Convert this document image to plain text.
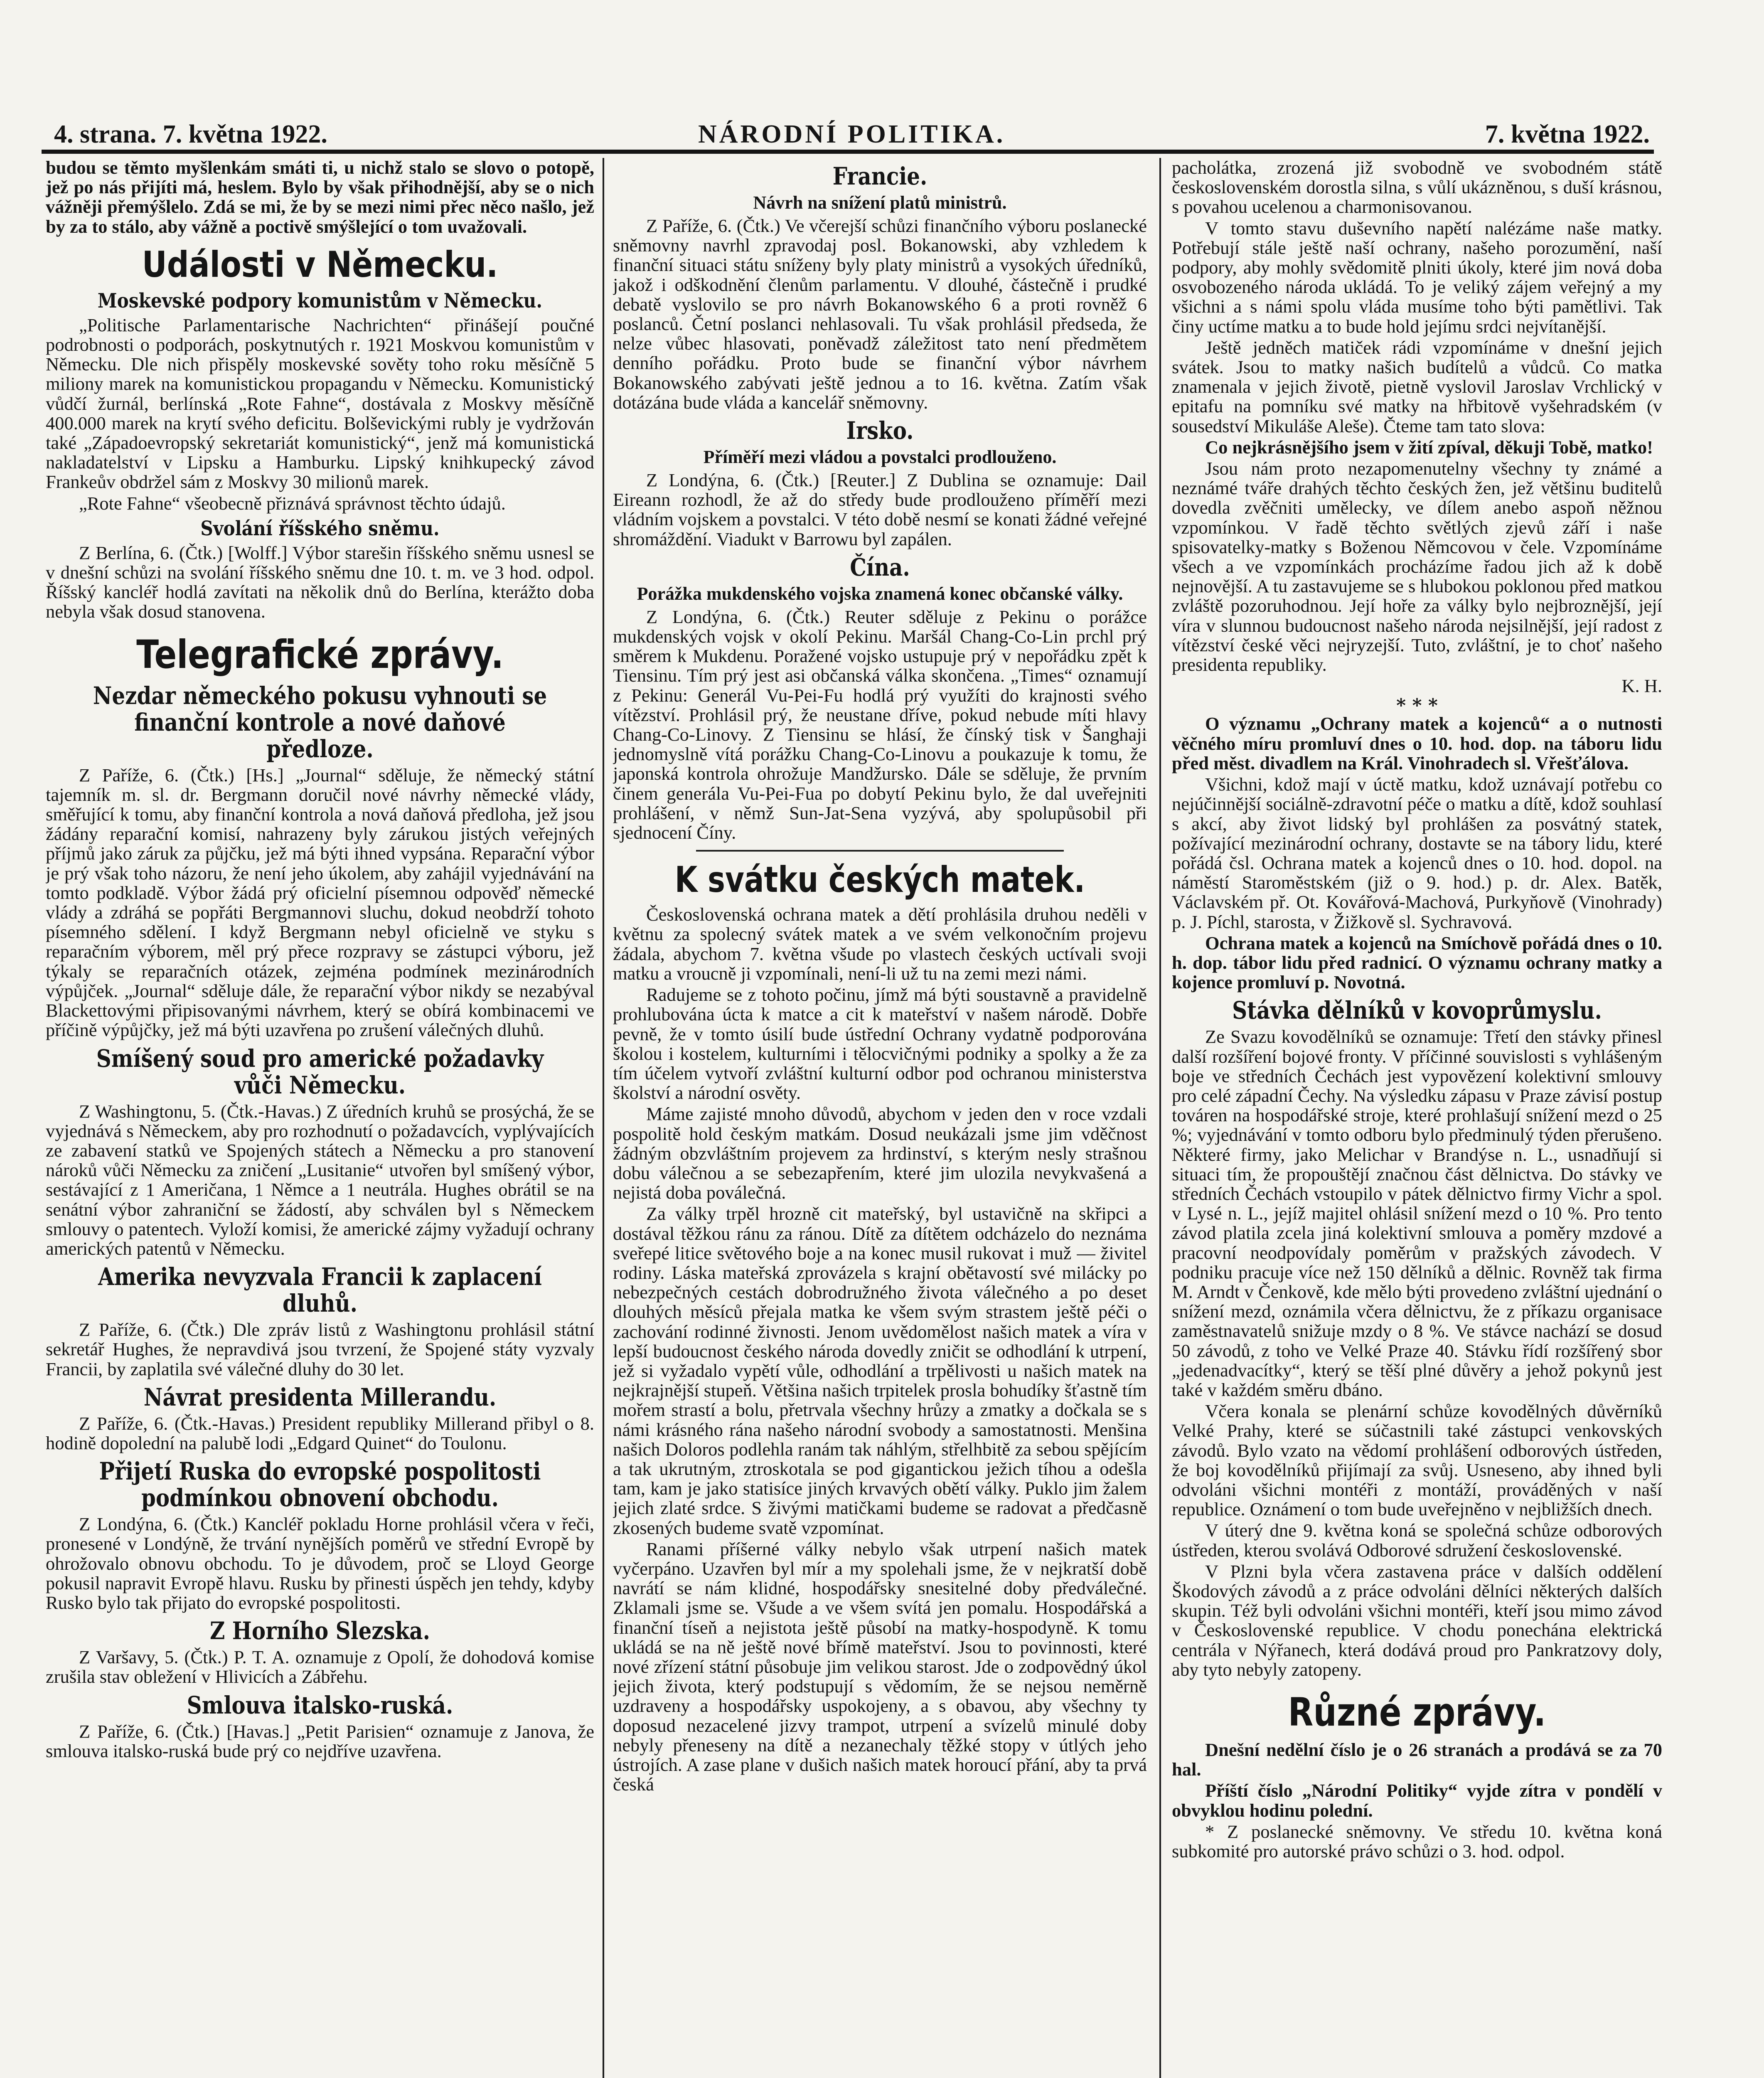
4. strana. 7. května 1922.	NÁRODNÍ POLITIKA.	7. května 1922.

budou se těmto myšlenkám smáti ti, u nichž stalo se slovo o potopě, jež po nás přijíti má, heslem. Bylo by však přihodnější, aby se o nich vážněji přemýšlelo. Zdá se mi, že by se mezi nimi přec něco našlo, jež by za to stálo, aby vážně a poctivě smýšlející o tom uvažovali.

Události v Německu.
Moskevské podpory komunistům v Německu.

„Politische Parlamentarische Nachrichten“ přinášejí poučné podrobnosti o podporách, poskytnutých r. 1921 Moskvou komunistům v Německu. Dle nich přispěly moskevské sověty toho roku měsíčně 5 miliony marek na komunistickou propagandu v Německu. Komunistický vůdčí žurnál, berlínská „Rote Fahne“, dostávala z Moskvy měsíčně 400.000 marek na krytí svého deficitu. Bolševickými rubly je vydržován také „Západoevropský sekretariát komunistický“, jenž má komunistická nakladatelství v Lipsku a Hamburku. Lipský knihkupecký závod Frankeův obdržel sám z Moskvy 30 milionů marek.

„Rote Fahne“ všeobecně přiznává správnost těchto údajů.

Svolání říšského sněmu.

Z Berlína, 6. (Čtk.) [Wolff.] Výbor starešin říšského sněmu usnesl se v dnešní schůzi na svolání říšského sněmu dne 10. t. m. ve 3 hod. odpol. Říšský kancléř hodlá zavítati na několik dnů do Berlína, kterážto doba nebyla však dosud stanovena.

Telegrafické zprávy.
Nezdar německého pokusu vyhnouti se finanční kontrole a nové daňové předloze.

Z Paříže, 6. (Čtk.) [Hs.] „Journal“ sděluje, že německý státní tajemník m. sl. dr. Bergmann doručil nové návrhy německé vlády, směřující k tomu, aby finanční kontrola a nová daňová předloha, jež jsou žádány reparační komisí, nahrazeny byly zárukou jistých veřejných příjmů jako záruk za půjčku, jež má býti ihned vypsána. Reparační výbor je prý však toho názoru, že není jeho úkolem, aby zahájil vyjednávání na tomto podkladě. Výbor žádá prý oficielní písemnou odpověď německé vlády a zdráhá se popřáti Bergmannovi sluchu, dokud neobdrží tohoto písemného sdělení. I když Bergmann nebyl oficielně ve styku s reparačním výborem, měl prý přece rozpravy se zástupci výboru, jež týkaly se reparačních otázek, zejména podmínek mezinárodních výpůjček. „Journal“ sděluje dále, že reparační výbor nikdy se nezabýval Blackettovými připisovanými návrhem, který se obírá kombinacemi ve příčině výpůjčky, jež má býti uzavřena po zrušení válečných dluhů.

Smíšený soud pro americké požadavky vůči Německu.

Z Washingtonu, 5. (Čtk.-Havas.) Z úředních kruhů se prosýchá, že se vyjednává s Německem, aby pro rozhodnutí o požadavcích, vyplývajících ze zabavení statků ve Spojených státech a Německu a pro stanovení nároků vůči Německu za zničení „Lusitanie“ utvořen byl smíšený výbor, sestávající z 1 Američana, 1 Němce a 1 neutrála. Hughes obrátil se na senátní výbor zahraniční se žádostí, aby schválen byl s Německem smlouvy o patentech. Vyloží komisi, že americké zájmy vyžadují ochrany amerických patentů v Německu.

Amerika nevyzvala Francii k zaplacení dluhů.

Z Paříže, 6. (Čtk.) Dle zpráv listů z Washingtonu prohlásil státní sekretář Hughes, že nepravdivá jsou tvrzení, že Spojené státy vyzvaly Francii, by zaplatila své válečné dluhy do 30 let.

Návrat presidenta Millerandu.

Z Paříže, 6. (Čtk.-Havas.) President republiky Millerand přibyl o 8. hodině dopolední na palubě lodi „Edgard Quinet“ do Toulonu.

Přijetí Ruska do evropské pospolitosti podmínkou obnovení obchodu.

Z Londýna, 6. (Čtk.) Kancléř pokladu Horne prohlásil včera v řeči, pronesené v Londýně, že trvání nynějších poměrů ve střední Evropě by ohrožovalo obnovu obchodu. To je důvodem, proč se Lloyd George pokusil napravit Evropě hlavu. Rusku by přinesti úspěch jen tehdy, kdyby Rusko bylo tak přijato do evropské pospolitosti.

Z Horního Slezska.

Z Varšavy, 5. (Čtk.) P. T. A. oznamuje z Opolí, že dohodová komise zrušila stav obležení v Hlivicích a Zábřehu.

Smlouva italsko-ruská.

Z Paříže, 6. (Čtk.) [Havas.] „Petit Parisien“ oznamuje z Janova, že smlouva italsko-ruská bude prý co nejdříve uzavřena.

Francie.
Návrh na snížení platů ministrů.

Z Paříže, 6. (Čtk.) Ve včerejší schůzi finančního výboru poslanecké sněmovny navrhl zpravodaj posl. Bokanowski, aby vzhledem k finanční situaci státu sníženy byly platy ministrů a vysokých úředníků, jakož i odškodnění členům parlamentu. V dlouhé, částečně i prudké debatě vyslovilo se pro návrh Bokanowského 6 a proti rovněž 6 poslanců. Četní poslanci nehlasovali. Tu však prohlásil předseda, že nelze vůbec hlasovati, poněvadž záležitost tato není předmětem denního pořádku. Proto bude se finanční výbor návrhem Bokanowského zabývati ještě jednou a to 16. května. Zatím však dotázána bude vláda a kancelář sněmovny.

Irsko.
Příměří mezi vládou a povstalci prodlouženo.

Z Londýna, 6. (Čtk.) [Reuter.] Z Dublina se oznamuje: Dail Eireann rozhodl, že až do středy bude prodlouženo příměří mezi vládním vojskem a povstalci. V této době nesmí se konati žádné veřejné shromáždění. Viadukt v Barrowu byl zapálen.

Čína.
Porážka mukdenského vojska znamená konec občanské války.

Z Londýna, 6. (Čtk.) Reuter sděluje z Pekinu o porážce mukdenských vojsk v okolí Pekinu. Maršál Chang-Co-Lin prchl prý směrem k Mukdenu. Poražené vojsko ustupuje prý v nepořádku zpět k Tiensinu. Tím prý jest asi občanská válka skončena. „Times“ oznamují z Pekinu: Generál Vu-Pei-Fu hodlá prý využíti do krajnosti svého vítězství. Prohlásil prý, že neustane dříve, pokud nebude míti hlavy Chang-Co-Linovy. Z Tiensinu se hlásí, že čínský tisk v Šanghaji jednomyslně vítá porážku Chang-Co-Linovu a poukazuje k tomu, že japonská kontrola ohrožuje Mandžursko. Dále se sděluje, že prvním činem generála Vu-Pei-Fua po dobytí Pekinu bylo, že dal uveřejniti prohlášení, v němž Sun-Jat-Sena vyzývá, aby spolupůsobil při sjednocení Číny.

K svátku českých matek.

Československá ochrana matek a dětí prohlásila druhou neděli v květnu za spolecný svátek matek a ve svém velkonočním projevu žádala, abychom 7. května všude po vlastech českých uctívali svoji matku a vroucně ji vzpomínali, není-li už tu na zemi mezi námi.

Radujeme se z tohoto počinu, jímž má býti soustavně a pravidelně prohlubována úcta k matce a cit k mateřství v našem národě. Dobře pevně, že v tomto úsilí bude ústřední Ochrany vydatně podporována školou i kostelem, kulturními i tělocvičnými podniky a spolky a že za tím účelem vytvoří zvláštní kulturní odbor pod ochranou ministerstva školství a národní osvěty.

Máme zajisté mnoho důvodů, abychom v jeden den v roce vzdali pospolitě hold českým matkám. Dosud neukázali jsme jim vděčnost žádným obzvláštním projevem za hrdinství, s kterým nesly strašnou dobu válečnou a se sebezapřením, které jim ulozila nevykvašená a nejistá doba poválečná.

Za války trpěl hrozně cit mateřský, byl ustavičně na skřipci a dostával těžkou ránu za ránou. Dítě za dítětem odcházelo do neznáma sveřepé litice světového boje a na konec musil rukovat i muž — živitel rodiny. Láska mateřská zprovázela s krajní obětavostí své milácky po nebezpečných cestách dobrodružného života válečného a po deset dlouhých měsíců přejala matka ke všem svým strastem ještě péči o zachování rodinné živnosti. Jenom uvědomělost našich matek a víra v lepší budoucnost českého národa dovedly zničit se odhodlání k utrpení, jež si vyžadalo vypětí vůle, odhodlání a trpělivosti u našich matek na nejkrajnější stupeň. Většina našich trpitelek prosla bohudíky šťastně tím mořem strastí a bolu, přetrvala všechny hrůzy a zmatky a dočkala se s námi krásného rána našeho národní svobody a samostatnosti. Menšina našich Doloros podlehla ranám tak náhlým, střelhbitě za sebou spějícím a tak ukrutným, ztroskotala se pod gigantickou ježich tíhou a odešla tam, kam je jako statisíce jiných krvavých obětí války. Puklo jim žalem jejich zlaté srdce. S živými matičkami budeme se radovat a předčasně zkosených budeme svatě vzpomínat.

Ranami příšerné války nebylo však utrpení našich matek vyčerpáno. Uzavřen byl mír a my spolehali jsme, že v nejkratší době navrátí se nám klidné, hospodářsky snesitelné doby předválečné. Zklamali jsme se. Všude a ve všem svítá jen pomalu. Hospodářská a finanční tíseň a nejistota ještě působí na matky-hospodyně. K tomu ukládá se na ně ještě nové břímě mateřství. Jsou to povinnosti, které nové zřízení státní působuje jim velikou starost. Jde o zodpovědný úkol jejich života, který podstupují s vědomím, že se nejsou neměrně uzdraveny a hospodářsky uspokojeny, a s obavou, aby všechny ty doposud nezacelené jizvy trampot, utrpení a svízelů minulé doby nebyly přeneseny na dítě a nezanechaly těžké stopy v útlých jeho ústrojích. A zase plane v dušich našich matek horoucí přání, aby ta prvá česká

pacholátka, zrozená již svobodně ve svobodném státě československém dorostla silna, s vůlí ukázněnou, s duší krásnou, s povahou ucelenou a charmonisovanou.

V tomto stavu duševního napětí nalézáme naše matky. Potřebují stále ještě naší ochrany, našeho porozumění, naší podpory, aby mohly svědomitě plniti úkoly, které jim nová doba osvobozeného národa ukládá. To je veliký zájem veřejný a my všichni a s námi spolu vláda musíme toho býti pamětlivi. Tak činy uctíme matku a to bude hold jejímu srdci nejvítanější.

Ještě jedněch matiček rádi vzpomínáme v dnešní jejich svátek. Jsou to matky našich budítelů a vůdců. Co matka znamenala v jejich životě, pietně vyslovil Jaroslav Vrchlický v epitafu na pomníku své matky na hřbitově vyšehradském (v sousedství Mikuláše Aleše). Čteme tam tato slova:

Co nejkrásnějšího jsem v žití zpíval, děkuji Tobě, matko!

Jsou nám proto nezapomenutelny všechny ty známé a neznámé tváře drahých těchto českých žen, jež většinu buditelů dovedla zvěčniti umělecky, ve dílem anebo aspoň něžnou vzpomínkou. V řadě těchto světlých zjevů září i naše spisovatelky-matky s Boženou Němcovou v čele. Vzpomínáme všech a ve vzpomínkách procházíme řadou jich až k době nejnovější. A tu zastavujeme se s hlubokou poklonou před matkou zvláště pozoruhodnou. Její hoře za války bylo nejbroznější, její víra v slunnou budoucnost našeho národa nejsilnější, její radost z vítězství české věci nejryzejší. Tuto, zvláštní, je to choť našeho presidenta republiky.

K. H.

* * *

O významu „Ochrany matek a kojenců“ a o nutnosti věčného míru promluví dnes o 10. hod. dop. na táboru lidu před měst. divadlem na Král. Vinohradech sl. Vřešťálova.

Všichni, kdož mají v úctě matku, kdož uznávají potřebu co nejúčinnější sociálně-zdravotní péče o matku a dítě, kdož souhlasí s akcí, aby život lidský byl prohlášen za posvátný statek, požívající mezinárodní ochrany, dostavte se na tábory lidu, které pořádá čsl. Ochrana matek a kojenců dnes o 10. hod. dopol. na náměstí Staroměstském (již o 9. hod.) p. dr. Alex. Batěk, Václavském př. Ot. Kovářová-Machová, Purkyňově (Vinohrady) p. J. Píchl, starosta, v Žižkově sl. Sychravová.

Ochrana matek a kojenců na Smíchově pořádá dnes o 10. h. dop. tábor lidu před radnicí. O významu ochrany matky a kojence promluví p. Novotná.

Stávka dělníků v kovoprůmyslu.

Ze Svazu kovodělníků se oznamuje: Třetí den stávky přinesl další rozšíření bojové fronty. V příčinné souvislosti s vyhlášeným boje ve středních Čechách jest vypovězení kolektivní smlouvy pro celé západní Čechy. Na výsledku zápasu v Praze závisí postup továren na hospodářské stroje, které prohlašují snížení mezd o 25 %; vyjednávání v tomto odboru bylo předminulý týden přerušeno. Některé firmy, jako Melichar v Brandýse n. L., usnadňují si situaci tím, že propouštějí značnou část dělnictva. Do stávky ve středních Čechách vstoupilo v pátek dělnictvo firmy Vichr a spol. v Lysé n. L., jejíž majitel ohlásil snížení mezd o 10 %. Pro tento závod platila zcela jiná kolektivní smlouva a poměry mzdové a pracovní neodpovídaly poměrům v pražských závodech. V podniku pracuje více než 150 dělníků a dělnic. Rovněž tak firma M. Arndt v Čenkově, kde mělo býti provedeno zvláštní ujednání o snížení mezd, oznámila včera dělnictvu, že z příkazu organisace zaměstnavatelů snižuje mzdy o 8 %. Ve stávce nachází se dosud 50 závodů, z toho ve Velké Praze 40. Stávku řídí rozšířený sbor „jedenadvacítky“, který se těší plné důvěry a jehož pokynů jest také v každém směru dbáno.

Včera konala se plenární schůze kovodělných důvěrníků Velké Prahy, které se súčastnili také zástupci venkovských závodů. Bylo vzato na vědomí prohlášení odborových ústředen, že boj kovodělníků přijímají za svůj. Usneseno, aby ihned byli odvoláni všichni montéři z montáží, prováděných v naší republice. Oznámení o tom bude uveřejněno v nejbližších dnech.

V úterý dne 9. května koná se společná schůze odborových ústředen, kterou svolává Odborové sdružení československé.

V Plzni byla včera zastavena práce v dalších oddělení Škodových závodů a z práce odvoláni dělníci některých dalších skupin. Též byli odvoláni všichni montéři, kteří jsou mimo závod v Československé republice. V chodu ponechána elektrická centrála v Nýřanech, která dodává proud pro Pankratzovy doly, aby tyto nebyly zatopeny.

Různé zprávy.

Dnešní nedělní číslo je o 26 stranách a prodává se za 70 hal.

Příští číslo „Národní Politiky“ vyjde zítra v pondělí v obvyklou hodinu polední.

* Z poslanecké sněmovny. Ve středu 10. května koná subkomité pro autorské právo schůzi o 3. hod. odpol.
